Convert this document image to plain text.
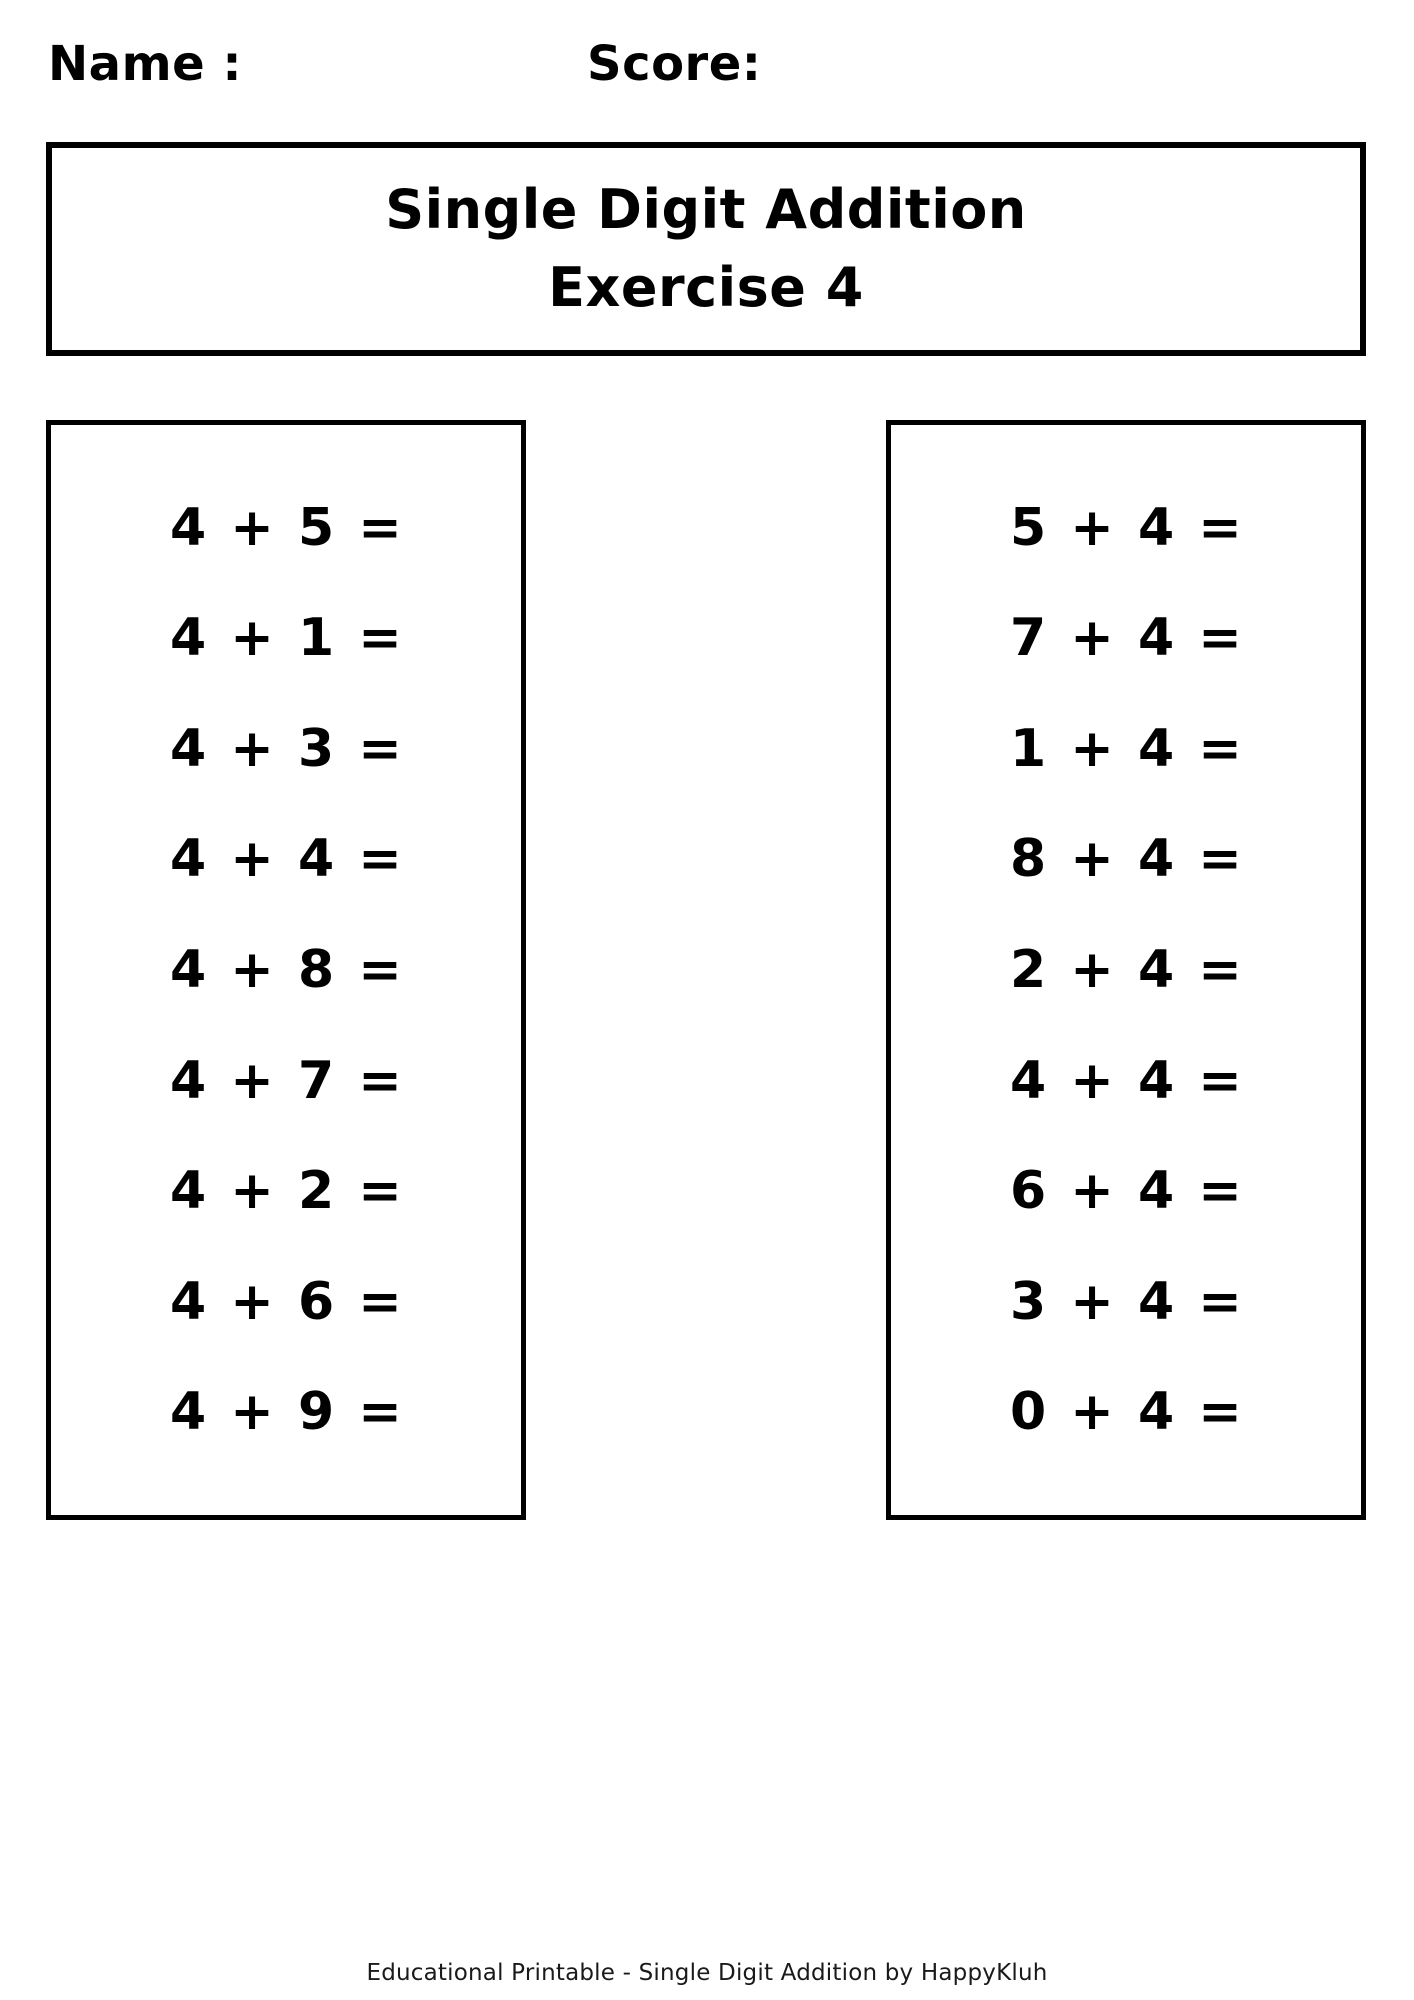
Name :	Score:
Single Digit Addition
Exercise 4
4 + 5 =
4 + 1 =
4 + 3 =
4 + 4 =
4 + 8 =
4 + 7 =
4 + 2 =
4 + 6 =
4 + 9 =
5 + 4 =
7 + 4 =
1 + 4 =
8 + 4 =
2 + 4 =
4 + 4 =
6 + 4 =
3 + 4 =
0 + 4 =
Educational Printable - Single Digit Addition by HappyKluh
